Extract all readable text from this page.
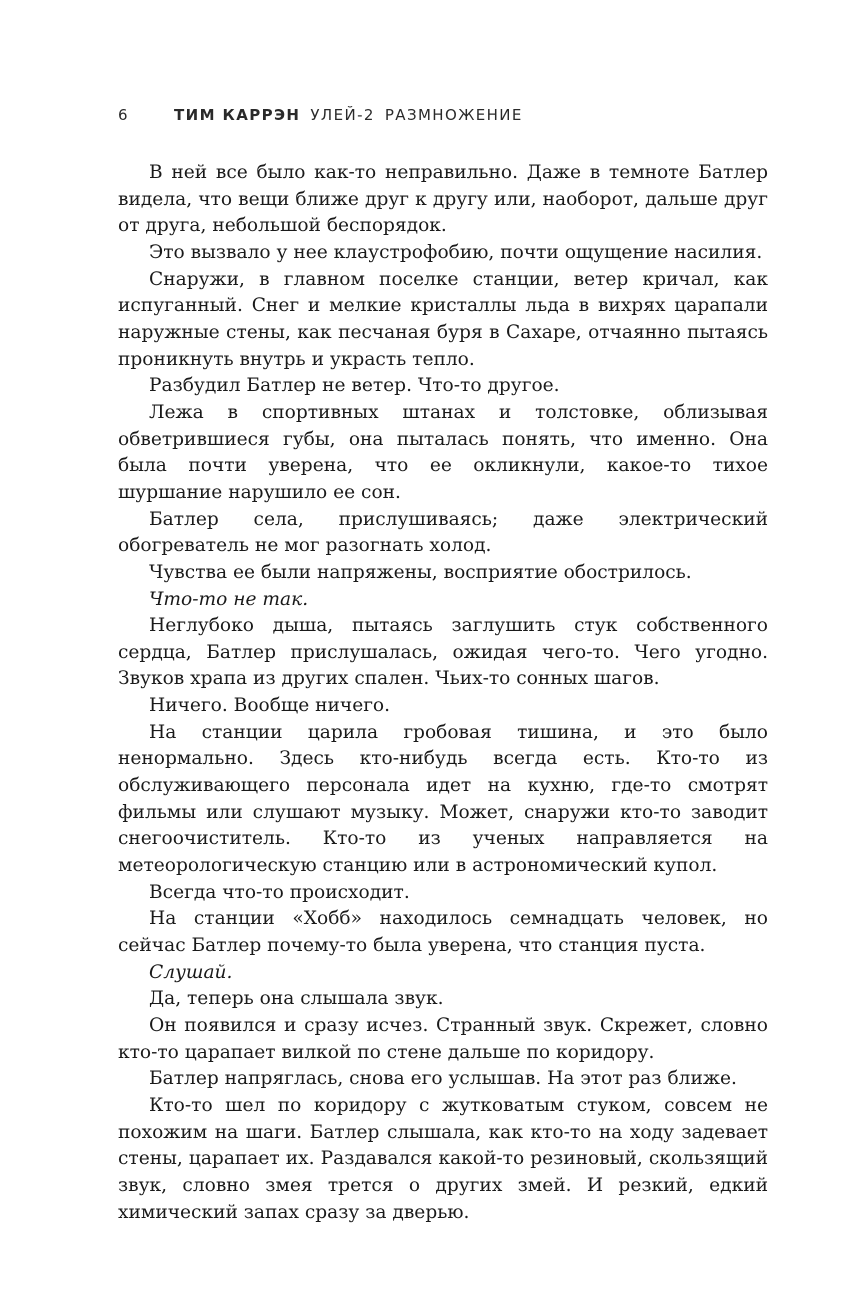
6	ТИМ КАРРЭН УЛЕЙ-2 РАЗМНОЖЕНИЕ

В ней все было как-то неправильно. Даже в темноте Батлер видела, что вещи ближе друг к другу или, наоборот, дальше друг от друга, небольшой беспорядок.

Это вызвало у нее клаустрофобию, почти ощущение насилия.

Снаружи, в главном поселке станции, ветер кричал, как испуганный. Снег и мелкие кристаллы льда в вихрях царапали наружные стены, как песчаная буря в Сахаре, отчаянно пытаясь проникнуть внутрь и украсть тепло.

Разбудил Батлер не ветер. Что-то другое.

Лежа в спортивных штанах и толстовке, облизывая обветрившиеся губы, она пыталась понять, что именно. Она была почти уверена, что ее окликнули, какое-то тихое шуршание нарушило ее сон.

Батлер села, прислушиваясь; даже электрический обогреватель не мог разогнать холод.

Чувства ее были напряжены, восприятие обострилось.

Что-то не так.

Неглубоко дыша, пытаясь заглушить стук собственного сердца, Батлер прислушалась, ожидая чего-то. Чего угодно. Звуков храпа из других спален. Чьих-то сонных шагов.

Ничего. Вообще ничего.

На станции царила гробовая тишина, и это было ненормально. Здесь кто-нибудь всегда есть. Кто-то из обслуживающего персонала идет на кухню, где-то смотрят фильмы или слушают музыку. Может, снаружи кто-то заводит снегоочиститель. Кто-то из ученых направляется на метеорологическую станцию или в астрономический купол.

Всегда что-то происходит.

На станции «Хобб» находилось семнадцать человек, но сейчас Батлер почему-то была уверена, что станция пуста.

Слушай.

Да, теперь она слышала звук.

Он появился и сразу исчез. Странный звук. Скрежет, словно кто-то царапает вилкой по стене дальше по коридору.

Батлер напряглась, снова его услышав. На этот раз ближе.

Кто-то шел по коридору с жутковатым стуком, совсем не похожим на шаги. Батлер слышала, как кто-то на ходу задевает стены, царапает их. Раздавался какой-то резиновый, скользящий звук, словно змея трется о других змей. И резкий, едкий химический запах сразу за дверью.
